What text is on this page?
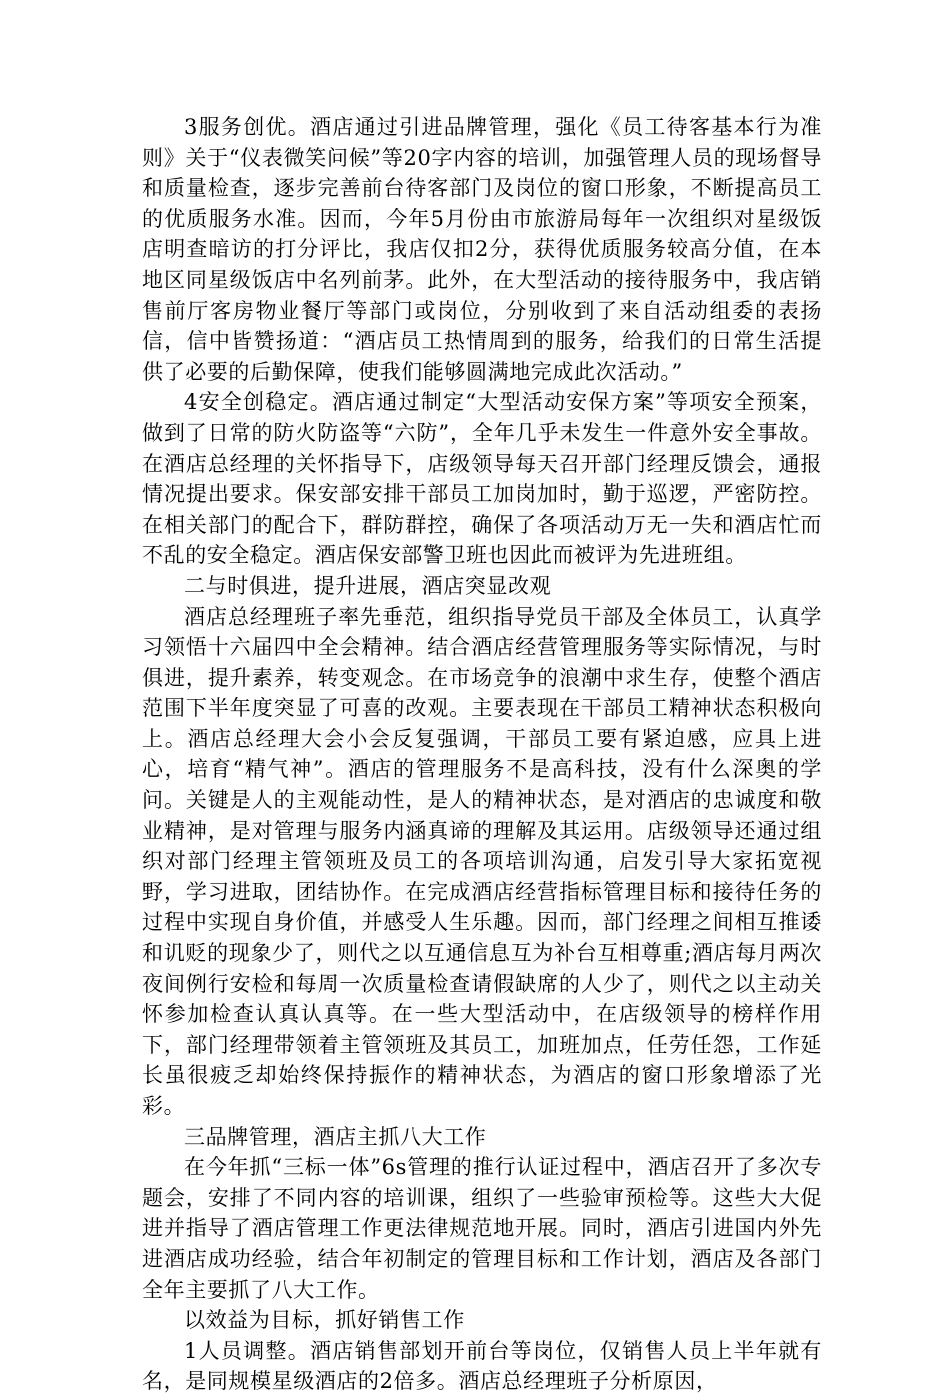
3服务创优。酒店通过引进品牌管理，强化《员工待客基本行为准则》关于“仪表微笑问候”等20字内容的培训，加强管理人员的现场督导和质量检查，逐步完善前台待客部门及岗位的窗口形象，不断提高员工的优质服务水准。因而，今年5月份由市旅游局每年一次组织对星级饭店明查暗访的打分评比，我店仅扣2分，获得优质服务较高分值，在本地区同星级饭店中名列前茅。此外，在大型活动的接待服务中，我店销售前厅客房物业餐厅等部门或岗位，分别收到了来自活动组委的表扬信，信中皆赞扬道：“酒店员工热情周到的服务，给我们的日常生活提供了必要的后勤保障，使我们能够圆满地完成此次活动。”

4安全创稳定。酒店通过制定“大型活动安保方案”等项安全预案，做到了日常的防火防盗等“六防”，全年几乎未发生一件意外安全事故。在酒店总经理的关怀指导下，店级领导每天召开部门经理反馈会，通报情况提出要求。保安部安排干部员工加岗加时，勤于巡逻，严密防控。在相关部门的配合下，群防群控，确保了各项活动万无一失和酒店忙而不乱的安全稳定。酒店保安部警卫班也因此而被评为先进班组。

二与时俱进，提升进展，酒店突显改观

酒店总经理班子率先垂范，组织指导党员干部及全体员工，认真学习领悟十六届四中全会精神。结合酒店经营管理服务等实际情况，与时俱进，提升素养，转变观念。在市场竞争的浪潮中求生存，使整个酒店范围下半年度突显了可喜的改观。主要表现在干部员工精神状态积极向上。酒店总经理大会小会反复强调，干部员工要有紧迫感，应具上进心，培育“精气神”。酒店的管理服务不是高科技，没有什么深奥的学问。关键是人的主观能动性，是人的精神状态，是对酒店的忠诚度和敬业精神，是对管理与服务内涵真谛的理解及其运用。店级领导还通过组织对部门经理主管领班及员工的各项培训沟通，启发引导大家拓宽视野，学习进取，团结协作。在完成酒店经营指标管理目标和接待任务的过程中实现自身价值，并感受人生乐趣。因而，部门经理之间相互推诿和讥贬的现象少了，则代之以互通信息互为补台互相尊重;酒店每月两次夜间例行安检和每周一次质量检查请假缺席的人少了，则代之以主动关怀参加检查认真认真等。在一些大型活动中，在店级领导的榜样作用下，部门经理带领着主管领班及其员工，加班加点，任劳任怨，工作延长虽很疲乏却始终保持振作的精神状态，为酒店的窗口形象增添了光彩。

三品牌管理，酒店主抓八大工作

在今年抓“三标一体”6s管理的推行认证过程中，酒店召开了多次专题会，安排了不同内容的培训课，组织了一些验审预检等。这些大大促进并指导了酒店管理工作更法律规范地开展。同时，酒店引进国内外先进酒店成功经验，结合年初制定的管理目标和工作计划，酒店及各部门全年主要抓了八大工作。

以效益为目标，抓好销售工作

1人员调整。酒店销售部划开前台等岗位，仅销售人员上半年就有名，是同规模星级酒店的2倍多。酒店总经理班子分析原因，
